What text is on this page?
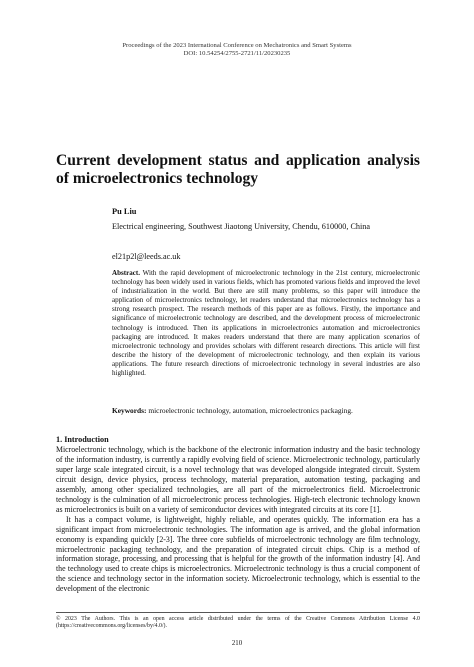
Proceedings of the 2023 International Conference on Mechatronics and Smart Systems
DOI: 10.54254/2755-2721/11/20230235
Current development status and application analysis of microelectronics technology
Pu Liu
Electrical engineering, Southwest Jiaotong University, Chendu, 610000, China
el21p2l@leeds.ac.uk
Abstract. With the rapid development of microelectronic technology in the 21st century, microelectronic technology has been widely used in various fields, which has promoted various fields and improved the level of industrialization in the world. But there are still many problems, so this paper will introduce the application of microelectronics technology, let readers understand that microelectronics technology has a strong research prospect. The research methods of this paper are as follows. Firstly, the importance and significance of microelectronic technology are described, and the development process of microelectronic technology is introduced. Then its applications in microelectronics automation and microelectronics packaging are introduced. It makes readers understand that there are many application scenarios of microelectronic technology and provides scholars with different research directions. This article will first describe the history of the development of microelectronic technology, and then explain its various applications. The future research directions of microelectronic technology in several industries are also highlighted.
Keywords: microelectronic technology, automation, microelectronics packaging.
1. Introduction

Microelectronic technology, which is the backbone of the electronic information industry and the basic technology of the information industry, is currently a rapidly evolving field of science. Microelectronic technology, particularly super large scale integrated circuit, is a novel technology that was developed alongside integrated circuit. System circuit design, device physics, process technology, material preparation, automation testing, packaging and assembly, among other specialized technologies, are all part of the microelectronics field. Microelectronic technology is the culmination of all microelectronic process technologies. High-tech electronic technology known as microelectronics is built on a variety of semiconductor devices with integrated circuits at its core [1].

It has a compact volume, is lightweight, highly reliable, and operates quickly. The information era has a significant impact from microelectronic technologies. The information age is arrived, and the global information economy is expanding quickly [2-3]. The three core subfields of microelectronic technology are film technology, microelectronic packaging technology, and the preparation of integrated circuit chips. Chip is a method of information storage, processing, and processing that is helpful for the growth of the information industry [4]. And the technology used to create chips is microelectronics. Microelectronic technology is thus a crucial component of the science and technology sector in the information society. Microelectronic technology, which is essential to the development of the electronic

© 2023 The Authors. This is an open access article distributed under the terms of the Creative Commons Attribution License 4.0 (https://creativecommons.org/licenses/by/4.0/).
210
